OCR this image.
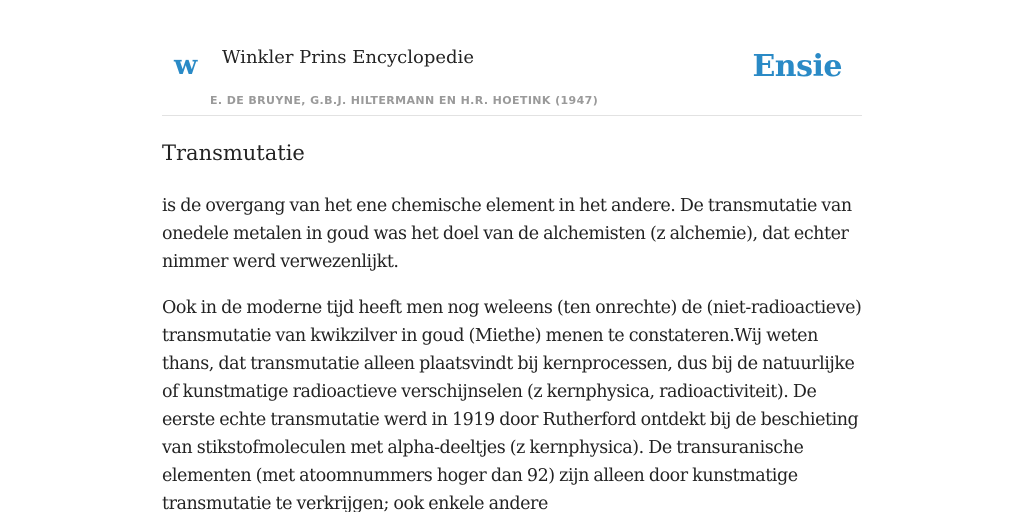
w Winkler Prins Encyclopedie
E. DE BRUYNE, G.B.J. HILTERMANN EN H.R. HOETINK (1947)
Ensie
Transmutatie

is de overgang van het ene chemische element in het andere. De transmutatie van onedele metalen in goud was het doel van de alchemisten (z alchemie), dat echter nimmer werd verwezenlijkt.

Ook in de moderne tijd heeft men nog weleens (ten onrechte) de (niet-radioactieve) transmutatie van kwikzilver in goud (Miethe) menen te constateren.Wij weten thans, dat transmutatie alleen plaatsvindt bij kernprocessen, dus bij de natuurlijke of kunstmatige radioactieve verschijnselen (z kernphysica, radioactiviteit). De eerste echte transmutatie werd in 1919 door Rutherford ontdekt bij de beschieting van stikstofmoleculen met alpha-deeltjes (z kernphysica). De transuranische elementen (met atoomnummers hoger dan 92) zijn alleen door kunstmatige transmutatie te verkrijgen; ook enkele andere
